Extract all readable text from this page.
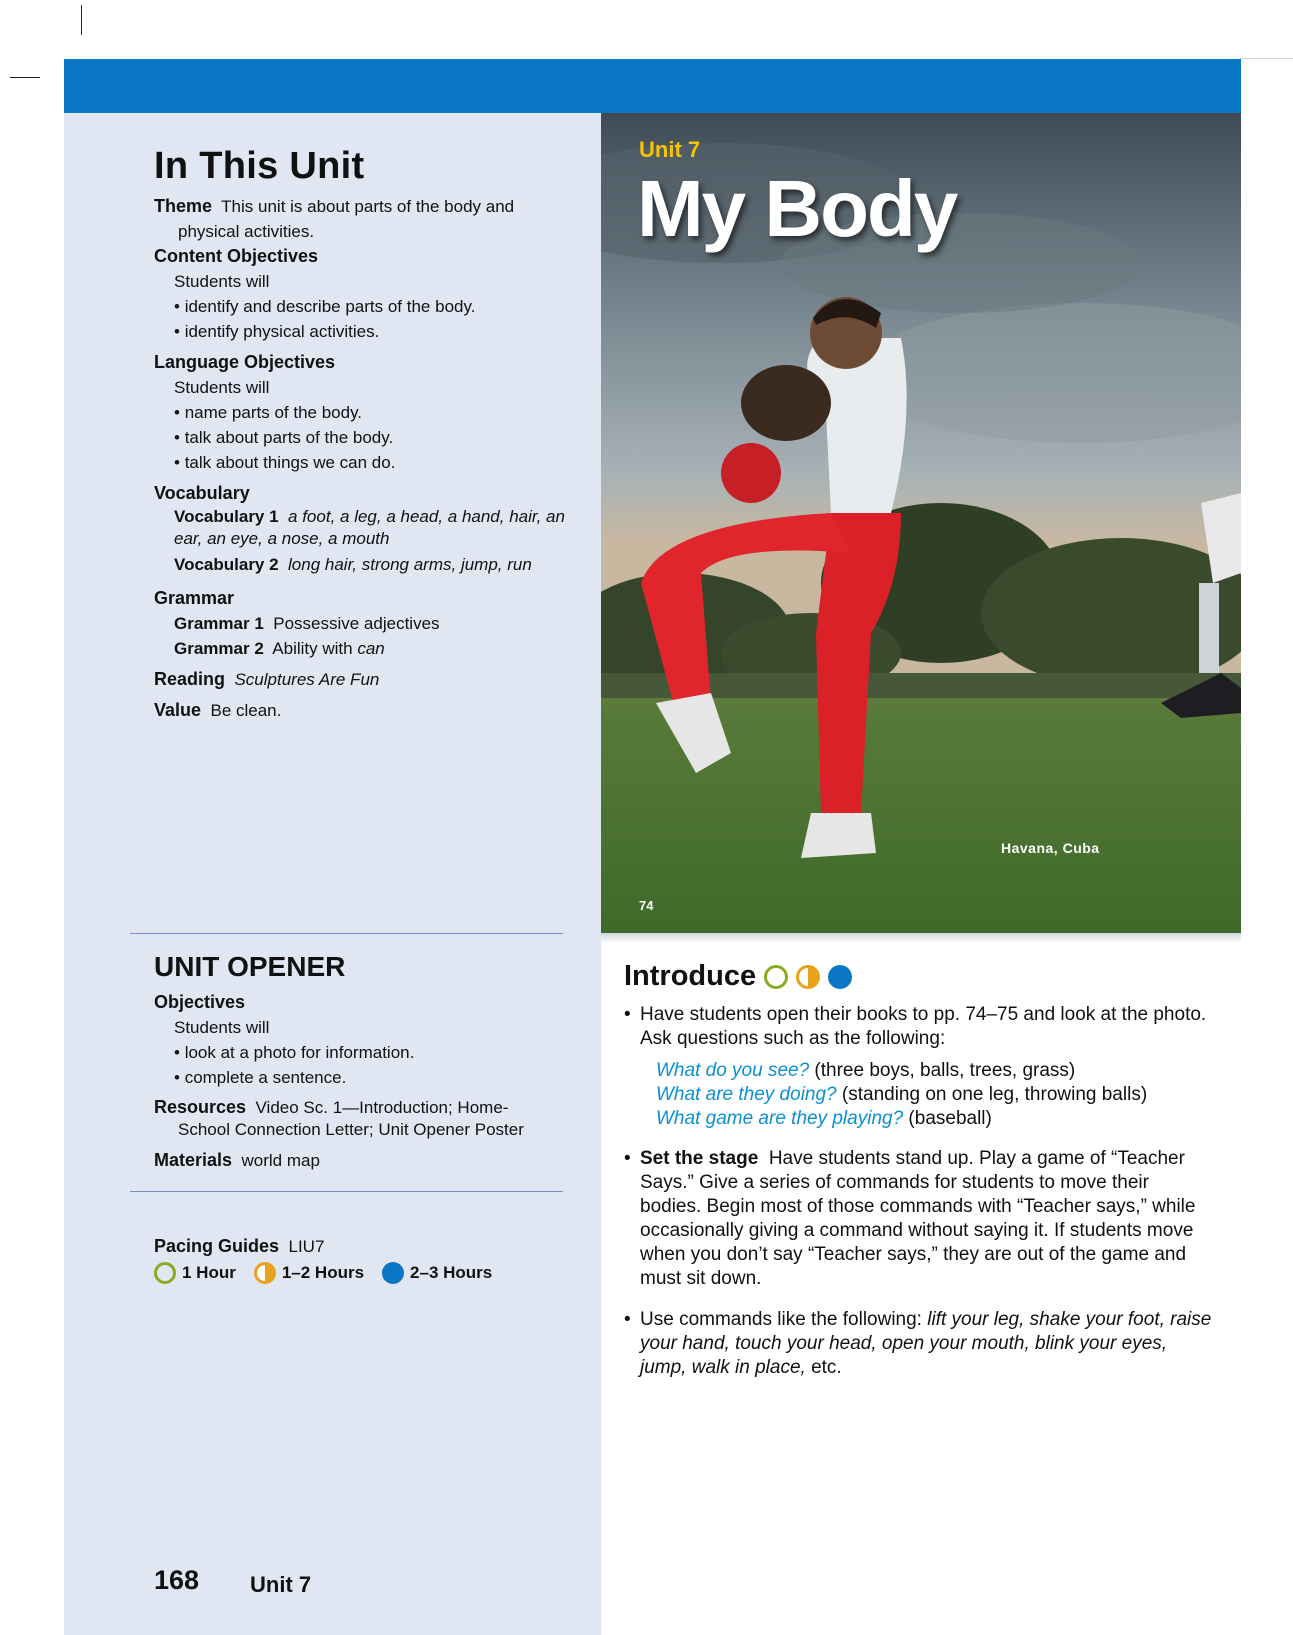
In This Unit
Theme This unit is about parts of the body and physical activities.
Content Objectives
Students will
• identify and describe parts of the body.
• identify physical activities.
Language Objectives
Students will
• name parts of the body.
• talk about parts of the body.
• talk about things we can do.
Vocabulary
Vocabulary 1 a foot, a leg, a head, a hand, hair, an ear, an eye, a nose, a mouth
Vocabulary 2 long hair, strong arms, jump, run
Grammar
Grammar 1 Possessive adjectives
Grammar 2 Ability with can
Reading Sculptures Are Fun
Value Be clean.
UNIT OPENER
Objectives
Students will
• look at a photo for information.
• complete a sentence.
Resources Video Sc. 1—Introduction; Home-School Connection Letter; Unit Opener Poster
Materials world map
Pacing Guides LIU7
1 Hour	1–2 Hours	2–3 Hours
168 Unit 7
Unit 7
My Body
Havana, Cuba
74
Introduce
• Have students open their books to pp. 74–75 and look at the photo. Ask questions such as the following:
What do you see? (three boys, balls, trees, grass)
What are they doing? (standing on one leg, throwing balls)
What game are they playing? (baseball)
• Set the stage Have students stand up. Play a game of “Teacher Says.” Give a series of commands for students to move their bodies. Begin most of those commands with “Teacher says,” while occasionally giving a command without saying it. If students move when you don’t say “Teacher says,” they are out of the game and must sit down.
• Use commands like the following: lift your leg, shake your foot, raise your hand, touch your head, open your mouth, blink your eyes, jump, walk in place, etc.
